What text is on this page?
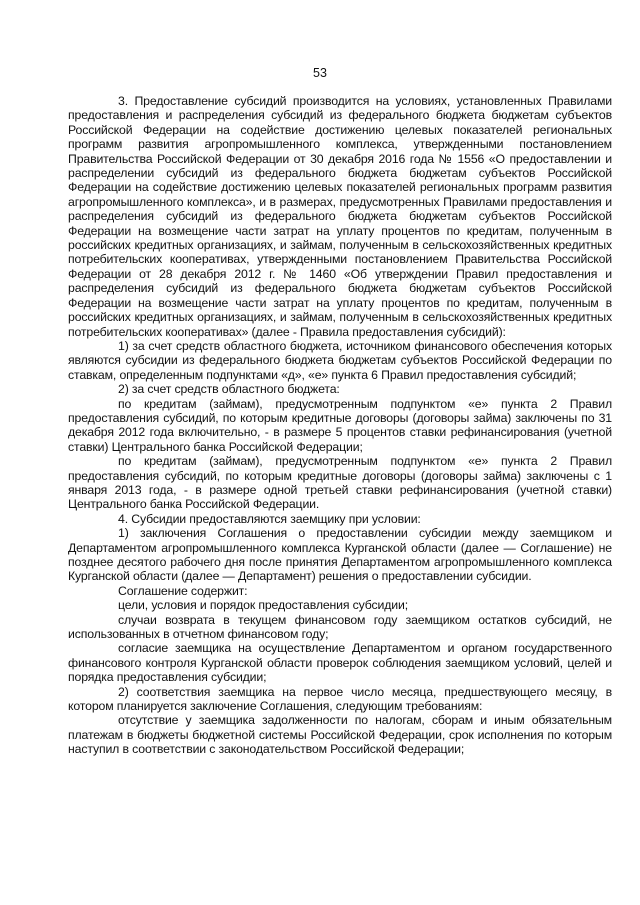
53

3. Предоставление субсидий производится на условиях, установленных Правилами предоставления и распределения субсидий из федерального бюджета бюджетам субъектов Российской Федерации на содействие достижению целевых показателей региональных программ развития агропромышленного комплекса, утвержденными постановлением Правительства Российской Федерации от 30 декабря 2016 года № 1556 «О предоставлении и распределении субсидий из федерального бюджета бюджетам субъектов Российской Федерации на содействие достижению целевых показателей региональных программ развития агропромышленного комплекса», и в размерах, предусмотренных Правилами предоставления и распределения субсидий из федерального бюджета бюджетам субъектов Российской Федерации на возмещение части затрат на уплату процентов по кредитам, полученным в российских кредитных организациях, и займам, полученным в сельскохозяйственных кредитных потребительских кооперативах, утвержденными постановлением Правительства Российской Федерации от 28 декабря 2012 г. № 1460 «Об утверждении Правил предоставления и распределения субсидий из федерального бюджета бюджетам субъектов Российской Федерации на возмещение части затрат на уплату процентов по кредитам, полученным в российских кредитных организациях, и займам, полученным в сельскохозяйственных кредитных потребительских кооперативах» (далее - Правила предоставления субсидий):

1) за счет средств областного бюджета, источником финансового обеспечения которых являются субсидии из федерального бюджета бюджетам субъектов Российской Федерации по ставкам, определенным подпунктами «д», «е» пункта 6 Правил предоставления субсидий;

2) за счет средств областного бюджета:

по кредитам (займам), предусмотренным подпунктом «е» пункта 2 Правил предоставления субсидий, по которым кредитные договоры (договоры займа) заключены по 31 декабря 2012 года включительно, - в размере 5 процентов ставки рефинансирования (учетной ставки) Центрального банка Российской Федерации;

по кредитам (займам), предусмотренным подпунктом «е» пункта 2 Правил предоставления субсидий, по которым кредитные договоры (договоры займа) заключены с 1 января 2013 года, - в размере одной третьей ставки рефинансирования (учетной ставки) Центрального банка Российской Федерации.

4. Субсидии предоставляются заемщику при условии:

1) заключения Соглашения о предоставлении субсидии между заемщиком и Департаментом агропромышленного комплекса Курганской области (далее — Соглашение) не позднее десятого рабочего дня после принятия Департаментом агропромышленного комплекса Курганской области (далее — Департамент) решения о предоставлении субсидии.

Соглашение содержит:

цели, условия и порядок предоставления субсидии;

случаи возврата в текущем финансовом году заемщиком остатков субсидий, не использованных в отчетном финансовом году;

согласие заемщика на осуществление Департаментом и органом государственного финансового контроля Курганской области проверок соблюдения заемщиком условий, целей и порядка предоставления субсидии;

2) соответствия заемщика на первое число месяца, предшествующего месяцу, в котором планируется заключение Соглашения, следующим требованиям:

отсутствие у заемщика задолженности по налогам, сборам и иным обязательным платежам в бюджеты бюджетной системы Российской Федерации, срок исполнения по которым наступил в соответствии с законодательством Российской Федерации;
